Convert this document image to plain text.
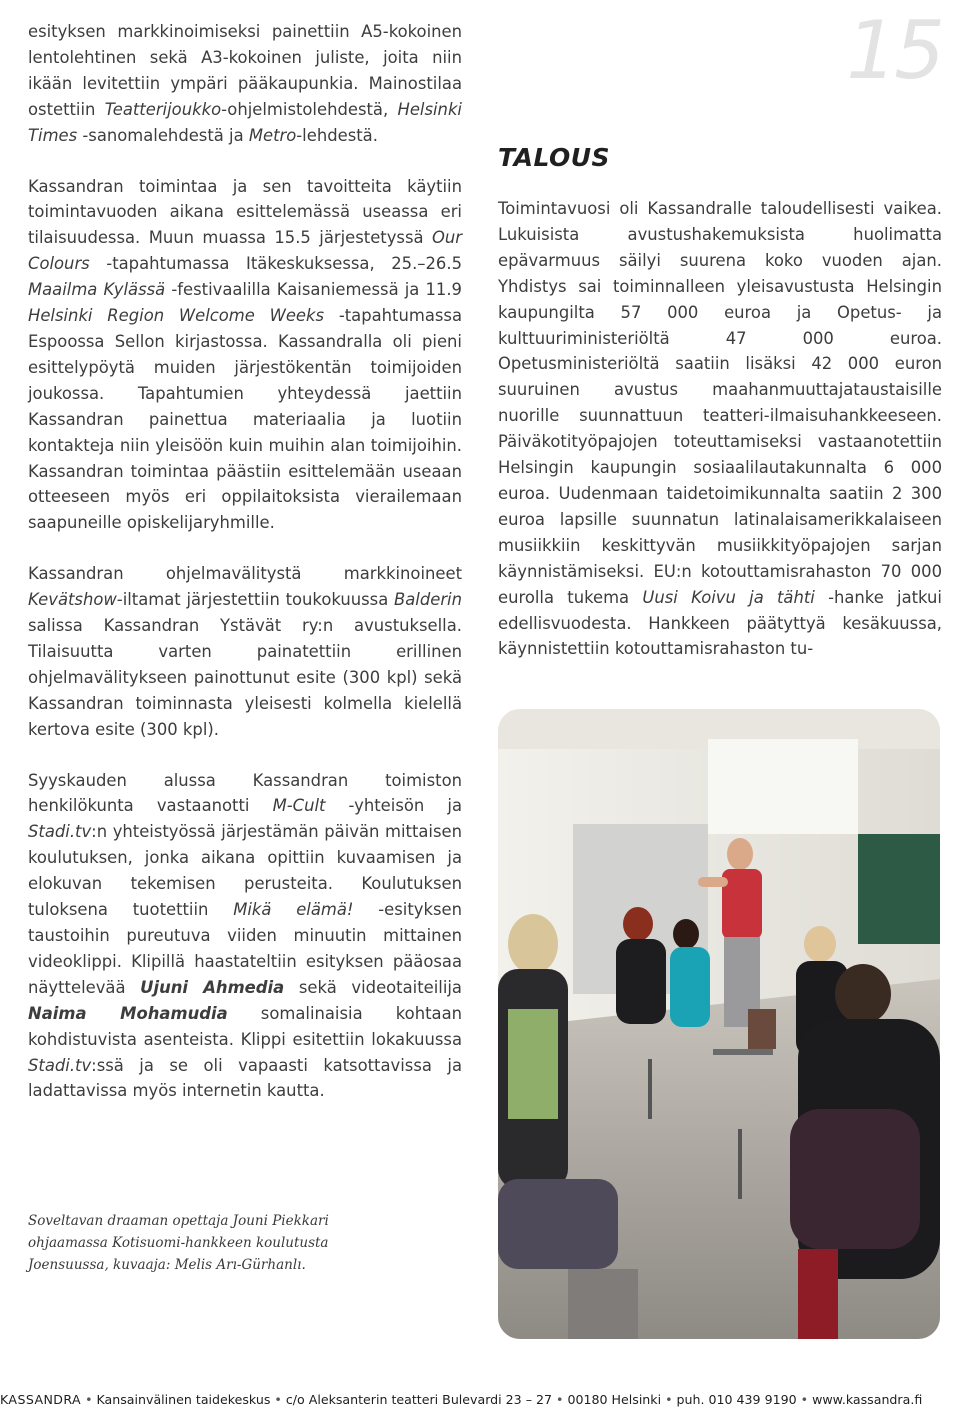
15

esityksen markkinoimiseksi painettiin A5-kokoinen lentolehtinen sekä A3-kokoinen juliste, joita niin ikään levitettiin ympäri pääkaupunkia. Mainostilaa ostettiin Teatterijoukko-ohjelmistolehdestä, Helsinki Times -sanomalehdestä ja Metro-lehdestä.

Kassandran toimintaa ja sen tavoitteita käytiin toimintavuoden aikana esittelemässä useassa eri tilaisuudessa. Muun muassa 15.5 järjestetyssä Our Colours -tapahtumassa Itäkeskuksessa, 25.–26.5 Maailma Kylässä -festivaalilla Kaisaniemessä ja 11.9 Helsinki Region Welcome Weeks -tapahtumassa Espoossa Sellon kirjastossa. Kassandralla oli pieni esittelypöytä muiden järjestökentän toimijoiden joukossa. Tapahtumien yhteydessä jaettiin Kassandran painettua materiaalia ja luotiin kontakteja niin yleisöön kuin muihin alan toimijoihin. Kassandran toimintaa päästiin esittelemään useaan otteeseen myös eri oppilaitoksista vierailemaan saapuneille opiskelijaryhmille.

Kassandran ohjelmavälitystä markkinoineet Kevätshow-iltamat järjestettiin toukokuussa Balderin salissa Kassandran Ystävät ry:n avustuksella. Tilaisuutta varten painatettiin erillinen ohjelmavälitykseen painottunut esite (300 kpl) sekä Kassandran toiminnasta yleisesti kolmella kielellä kertova esite (300 kpl).

Syyskauden alussa Kassandran toimiston henkilökunta vastaanotti M-Cult -yhteisön ja Stadi.tv:n yhteistyössä järjestämän päivän mittaisen koulutuksen, jonka aikana opittiin kuvaamisen ja elokuvan tekemisen perusteita. Koulutuksen tuloksena tuotettiin Mikä elämä! -esityksen taustoihin pureutuva viiden minuutin mittainen videoklippi. Klipillä haastateltiin esityksen pääosaa näyttelevää Ujuni Ahmedia sekä videotaiteilija Naima Mohamudia somalinaisia kohtaan kohdistuvista asenteista. Klippi esitettiin lokakuussa Stadi.tv:ssä ja se oli vapaasti katsottavissa ja ladattavissa myös internetin kautta.

TALOUS

Toimintavuosi oli Kassandralle taloudellisesti vaikea. Lukuisista avustushakemuksista huolimatta epävarmuus säilyi suurena koko vuoden ajan. Yhdistys sai toiminnalleen yleisavustusta Helsingin kaupungilta 57 000 euroa ja Opetus- ja kulttuuriministeriöltä 47 000 euroa. Opetusministeriöltä saatiin lisäksi 42 000 euron suuruinen avustus maahanmuuttajataustaisille nuorille suunnattuun teatteri-ilmaisuhankkeeseen. Päiväkotityöpajojen toteuttamiseksi vastaanotettiin Helsingin kaupungin sosiaalilautakunnalta 6 000 euroa. Uudenmaan taidetoimikunnalta saatiin 2 300 euroa lapsille suunnatun latinalaisamerikkalaiseen musiikkiin keskittyvän musiikkityöpajojen sarjan käynnistämiseksi. EU:n kotouttamisrahaston 70 000 eurolla tukema Uusi Koivu ja tähti -hanke jatkui edellisvuodesta. Hankkeen päätyttyä kesäkuussa, käynnistettiin kotouttamisrahaston tu-

Soveltavan draaman opettaja Jouni Piekkari
ohjaamassa Kotisuomi-hankkeen koulutusta
Joensuussa, kuvaaja: Melis Arı-Gürhanlı.
KASSANDRA • Kansainvälinen taidekeskus • c/o Aleksanterin teatteri Bulevardi 23 – 27 • 00180 Helsinki • puh. 010 439 9190 • www.kassandra.fi
